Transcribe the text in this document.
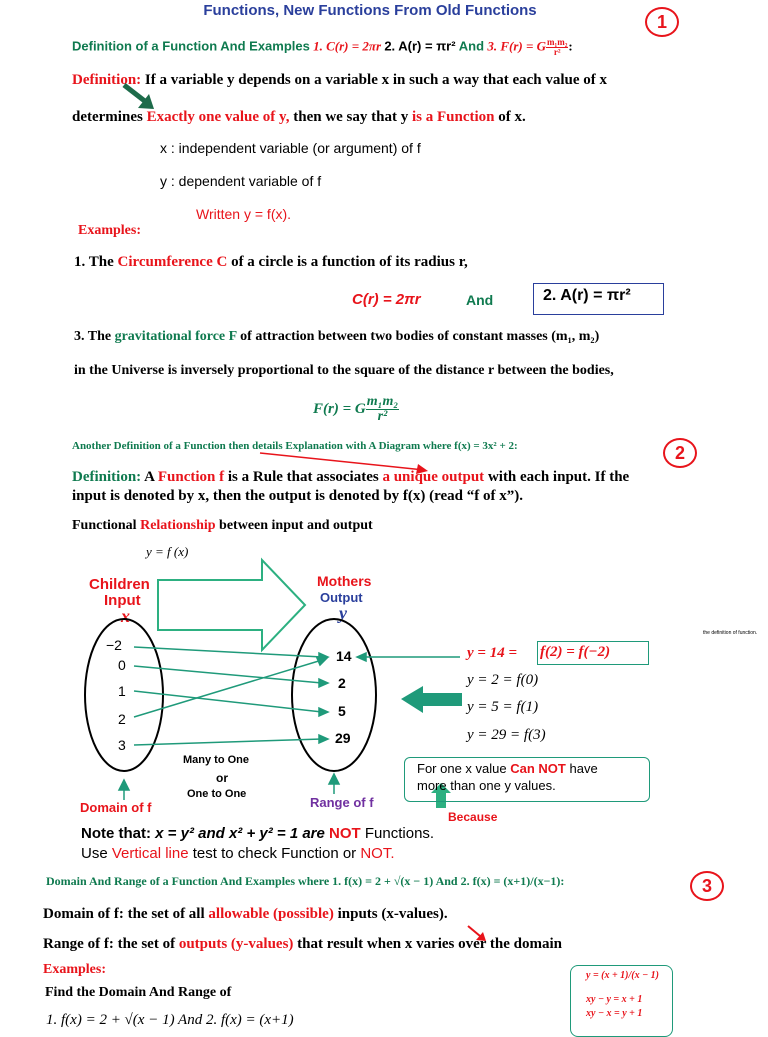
Functions, New Functions From Old Functions
1
Definition of a Function And Examples 1. C(r) = 2πr 2. A(r) = πr² And 3. F(r) = G $\frac{\text{m₁m₂}}{\text{r²}}$ :
Definition: If a variable y depends on a variable x in such a way that each value of x
determines Exactly one value of y, then we say that y is a Function of x.
x : independent variable (or argument) of f
y : dependent variable of f
Written y = f(x).
Examples:
1. The Circumference C of a circle is a function of its radius r,
C(r) = 2πr	And	2. A(r) = πr²
3. The gravitational force F of attraction between two bodies of constant masses (m₁, m₂)
in the Universe is inversely proportional to the square of the distance r between the bodies,
F(r) = G $\frac{\text{m₁m₂}}{\text{r²}}$
Another Definition of a Function then details Explanation with A Diagram where f(x) = 3x² + 2:	2
Definition: A Function f is a Rule that associates a unique output with each input. If the
input is denoted by x, then the output is denoted by f(x) (read “f of x”).
Functional Relationship between input and output
y = f (x)
Children
Input
x
Mothers
Output
y
−2
0
1
2
3
14
2
5
29
Many to One
or
One to One
Domain of f	Range of f
y = 14 = f(2) = f(−2)
y = 2 = f(0)
y = 5 = f(1)
y = 29 = f(3)
the definition of function.
For one x value Can NOT have
more than one y values.
Because
Note that: x = y² and x² + y² = 1 are NOT Functions.
Use Vertical line test to check Function or NOT.
Domain And Range of a Function And Examples where 1. f(x) = 2 + √(x − 1) And 2. f(x) = (x+1)/(x−1):	3
Domain of f: the set of all allowable (possible) inputs (x-values).
Range of f: the set of outputs (y-values) that result when x varies over the domain
Examples:
Find the Domain And Range of
1. f(x) = 2 + √(x − 1) And 2. f(x) = (x+1)
y = (x + 1)/(x − 1)
xy − y = x + 1
xy − x = y + 1
